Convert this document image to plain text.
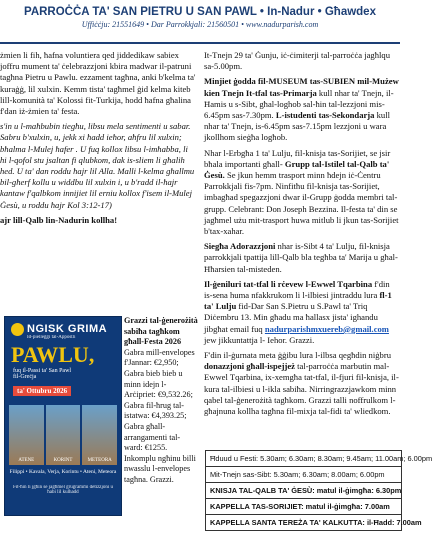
PARROĊĊA TA' SAN PIETRU U SAN PAWL • In-Nadur • Għawdex
Uffiċċju: 21551649 • Dar Parrokkjali: 21560501 • www.nadurparish.com

żmien li fih, ħafna voluntiera qed jiddedikaw sabiex joffru mument ta' ċelebrazzjoni kbira madwar il-patruni tagħna Pietru u Pawlu. ezzament tagħna, anki b'kelma ta' kuraġġ, lil xulxin. Kemm tista' tagħmel ġid kelma kiteb lill-komunità ta' Kolossi fit-Turkija, hodd ħafna għalina f'dan iż-żmien ta' festa.

s'in u l-maħbubin tiegħu, libsu mela sentimenti u sabar. Sabru b'xulxin, u, jekk xi ħadd ieħor, aħfru lil xulxin; bħalma l-Mulej ħafer . U fuq kollox libsu l-imħabba, li hi l-qofol stu jsaltan fi qlubkom, dak is-sliem li għalih hed. U ta' dan roddu ħajr lil Alla. Malli l-kelma għallmu bil-għerf kollu u widdbu lil xulxin i, u b'radd il-ħajr kantaw f'qalbkom innijiet lil erniu kollox f'isem il-Mulej Ġesù, u roddu ħajr Kol 3:12-17)

ajr lill-Qalb lin-Nadurin kollha!

NGISK GRIMA
Id-pielleġġi tal-Appostli
PAWLU,
fuq il-Passi ta' San Pawl
fil-Greċja
ta' Ottubru 2026
ATENE	KORINT	METEORA
Filippi • Kavala, Verja, Korintu • Ateni, Meteora
Fit-ħin li jgħin se jaġħmel ġrugrammi detizzjoni u ħabi lil kulhadd

Grazzi tal-ġenerożità sabiħa tagħkom għall-Festa 2026

Gabra mill-envelopes f'Jannar: €2,950; Gabra bieb bieb u minn idejn l-Arċipriet: €9,532.26; Gabra fil-ħrug tal-istatwa: €4,393.25; Gabra għall-arrangamenti tal-ward: €1255. Inkomplu ngħinu billi nwasslu l-envelopes tagħna. Grazzi.

It-Tnejn 29 ta' Ġunju, iċ-ċimiterji tal-parroċċa jagħlqu sa-5.00pm.

Minjiet ġodda fil-MUSEUM tas-SUBIEN mil-Mużew kien Tnejn It-tfal tas-Primarja kull nhar ta' Tnejn, il-Ħamis u s-Sibt, għal-loghob sal-ħin tal-lezzjoni mis-6.45pm sas-7.30pm. L-istudenti tas-Sekondarja kull nhar ta' Tnejn, is-6.45pm sas-7.15pm lezzjoni u wara jkollhom sieġħa logħob.

Nhar l-Erbgħa 1 ta' Lulju, fil-knisja tas-Sorijiet, se jsir bħala importanti għall- Grupp tal-Istilel tal-Qalb ta' Ġesù. Se jkun hemm trasport minn ħdejn iċ-Ċentru Parrokkjali fis-7pm. Ninfitħu fil-knisja tas-Sorijiet, imbagħad spegazzjoni dwar il-Grupp ġodda membri tal-grupp. Celebrant: Don Joseph Bezzina. Il-festa ta' din se jagħmel użu mit-trasport huwa mitlub li jkun tas-Sorijiet b'tax-xahar.

Siegħa Adorazzjoni nhar is-Sibt 4 ta' Lulju, fil-knisja parrokkjali tpattija lill-Qalb bla tegħba ta' Marija u għal-Ħħarsien tal-misteden.

Il-ġeniluri tat-tfal li rċevew l-Ewwel Tqarbina f'din is-sena huma nfakkrukom li l-ilbiesi jintraddu lura fl-1 ta' Lulju fid-Dar San S.Pietru u S.Pawl ta' Triq Diċembru 13. Min għadu ma ħallasx jista' ighandu jibgħat email fuq nadurparishmxuereb@gmail.com jew jikkuntattja l- Iehor. Grazzi.

F'din il-ġurnata meta ġġibu lura l-ilbsa qegħdin niġbru donazzjoni għall-ispejjeż tal-parroċċa marbutin mal-Ewwel Tqarbina, ix-xemgħa tat-tfal, il-fjuri fil-knisja, il-kura tal-ilbiesi u l-ikla sabiħa. Nirringrazzjawkom minn qabel tal-ġenerożità tagħkom. Grazzi talli noffrulkom l-għajnuna kollha tagħna fil-mixja tal-fidi ta' wliedkom.

Ħduud u Festi: 5.30am; 6.30am; 8.30am; 9.45am; 11.00am; 6.00pm
Mit-Tnejn sas-Sibt: 5.30am; 6.30am; 8.00am; 6.00pm
KNISJA TAL-QALB TA' ĠESÙ: matul il-ġimgħa: 6.30pm
KAPPELLA TAS-SORIJIET: matul il-ġimgħa: 7.00am
KAPPELLA SANTA TEREŻA TA' KALKUTTA: il-Ħadd: 7.00am
